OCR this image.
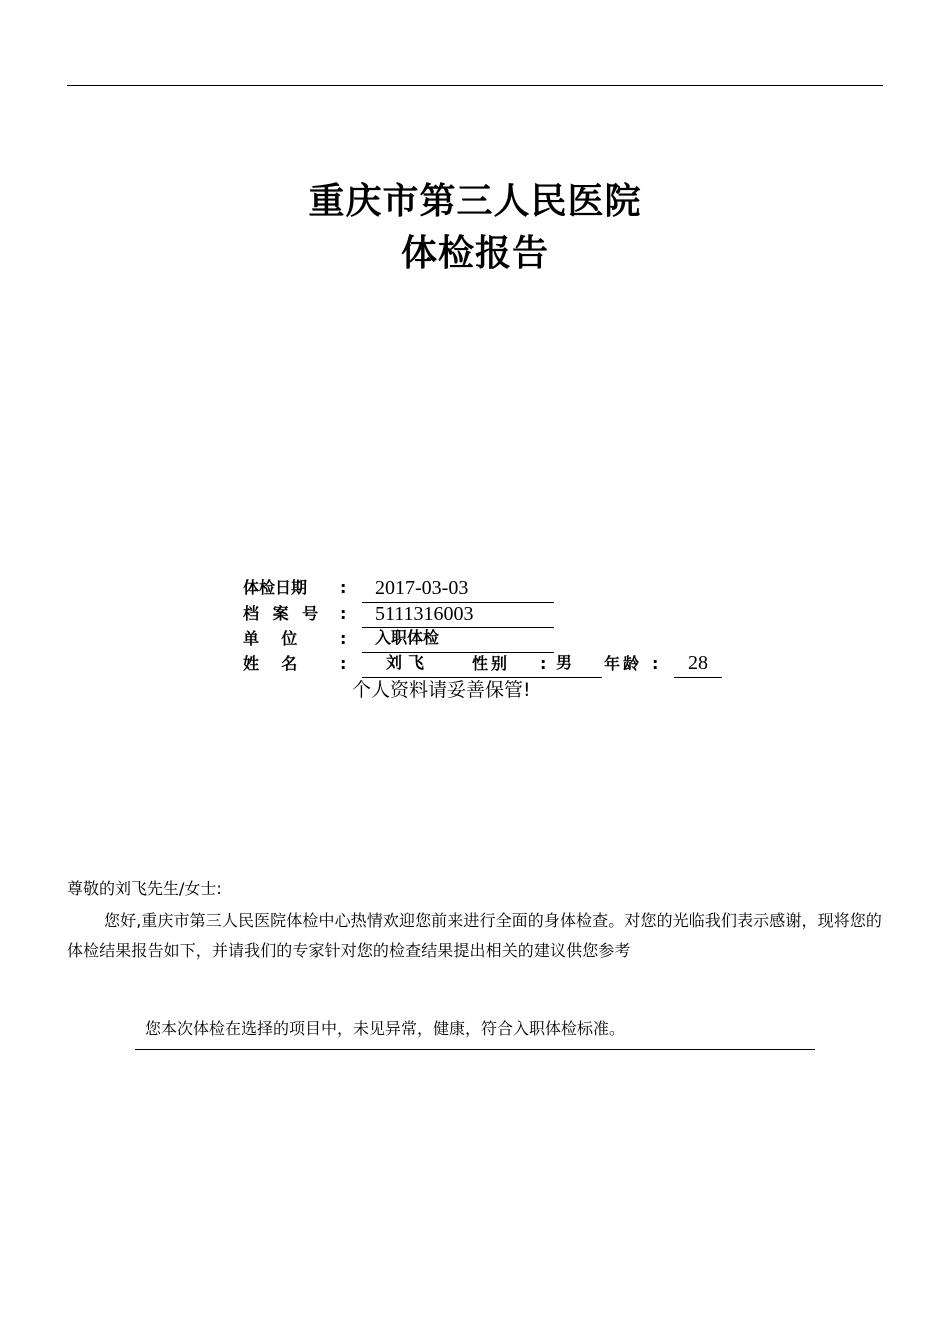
重庆市第三人民医院
体检报告
体检日期 : 2017-03-03
档 案 号 : 5111316003
单    位	: 入职体检
姓    名	: 刘飞	性别 : 男 年龄 : 28
个人资料请妥善保管!
尊敬的刘飞先生/女士:
您好,重庆市第三人民医院体检中心热情欢迎您前来进行全面的身体检查。对您的光临我们表示感谢，现将您的体检结果报告如下，并请我们的专家针对您的检查结果提出相关的建议供您参考
您本次体检在选择的项目中，未见异常，健康，符合入职体检标准。
